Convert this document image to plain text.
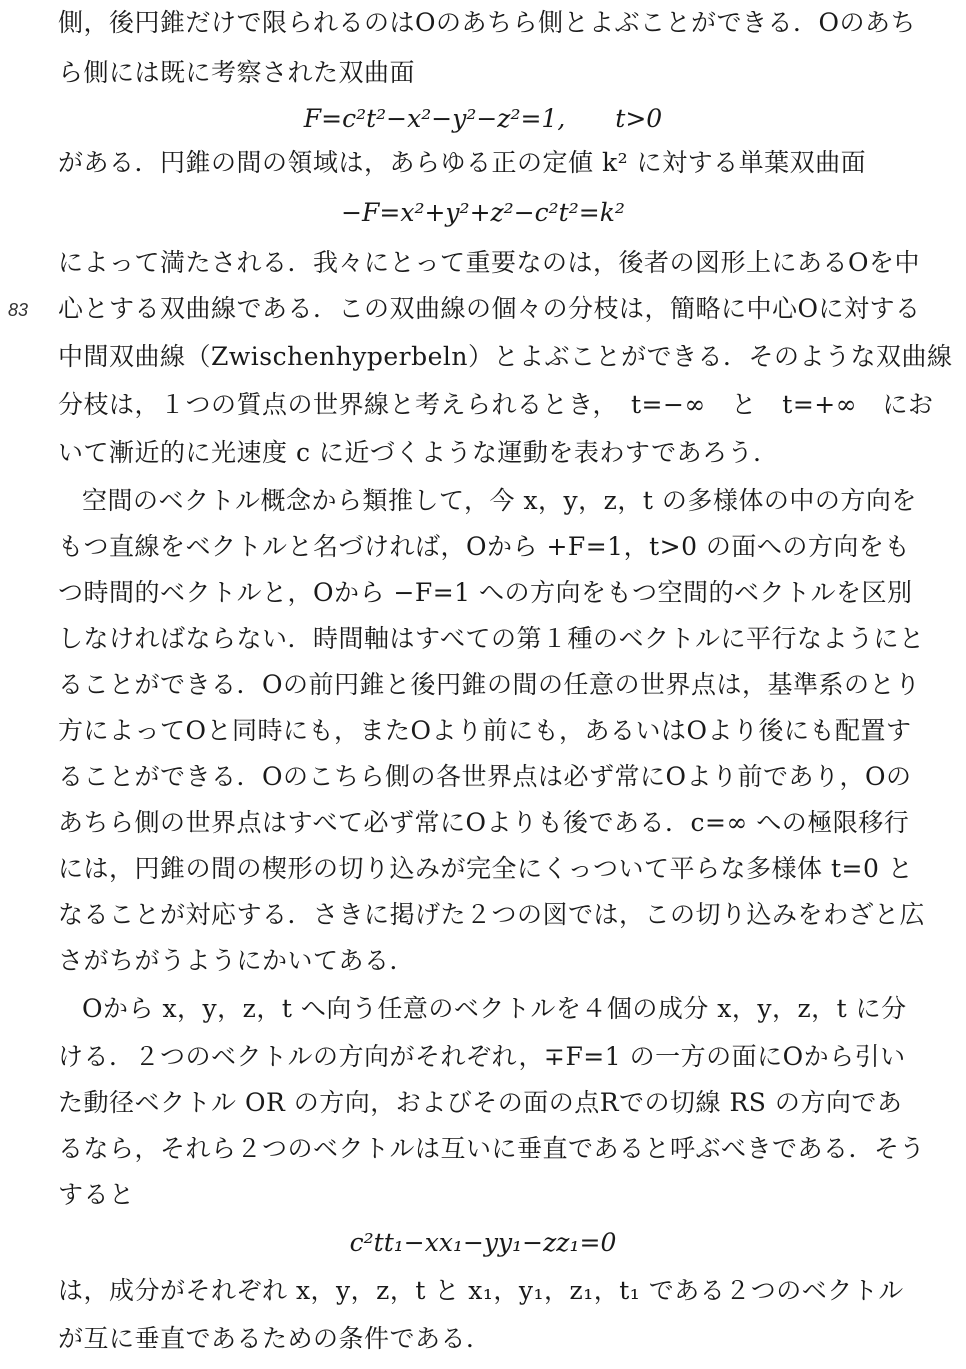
83
側，後円錐だけで限られるのはOのあちら側とよぶことができる．Oのあち
ら側には既に考察された双曲面
F=c²t²−x²−y²−z²=1,　　t>0
がある．円錐の間の領域は，あらゆる正の定値 k² に対する単葉双曲面
−F=x²+y²+z²−c²t²=k²
によって満たされる．我々にとって重要なのは，後者の図形上にあるOを中
心とする双曲線である．この双曲線の個々の分枝は，簡略に中心Oに対する
中間双曲線（Zwischenhyperbeln）とよぶことができる．そのような双曲線
分枝は，１つの質点の世界線と考えられるとき，　t=−∞　と　t=+∞　にお
いて漸近的に光速度 c に近づくような運動を表わすであろう．
空間のベクトル概念から類推して，今 x，y，z，t の多様体の中の方向を
もつ直線をベクトルと名づければ，Oから +F=1，t>0 の面への方向をも
つ時間的ベクトルと，Oから −F=1 への方向をもつ空間的ベクトルを区別
しなければならない．時間軸はすべての第１種のベクトルに平行なようにと
ることができる．Oの前円錐と後円錐の間の任意の世界点は，基準系のとり
方によってOと同時にも，またOより前にも，あるいはOより後にも配置す
ることができる．Oのこちら側の各世界点は必ず常にOより前であり，Oの
あちら側の世界点はすべて必ず常にOよりも後である．c=∞ への極限移行
には，円錐の間の楔形の切り込みが完全にくっついて平らな多様体 t=0 と
なることが対応する．さきに掲げた２つの図では，この切り込みをわざと広
さがちがうようにかいてある．
Oから x，y，z，t へ向う任意のベクトルを４個の成分 x，y，z，t に分
ける．２つのベクトルの方向がそれぞれ，∓F=1 の一方の面にOから引い
た動径ベクトル OR の方向，およびその面の点Rでの切線 RS の方向であ
るなら，それら２つのベクトルは互いに垂直であると呼ぶべきである．そう
すると
c²tt₁−xx₁−yy₁−zz₁=0
は，成分がそれぞれ x，y，z，t と x₁，y₁，z₁，t₁ である２つのベクトル
が互に垂直であるための条件である．
